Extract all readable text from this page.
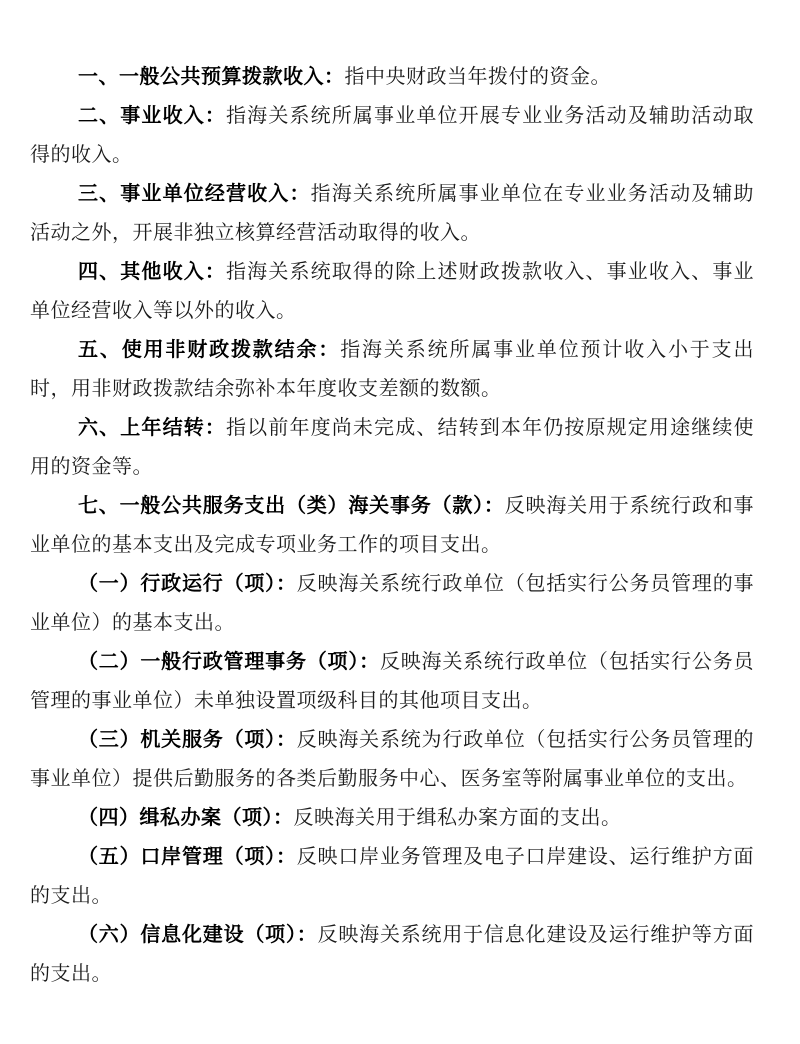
一、一般公共预算拨款收入：指中央财政当年拨付的资金。

二、事业收入：指海关系统所属事业单位开展专业业务活动及辅助活动取得的收入。

三、事业单位经营收入：指海关系统所属事业单位在专业业务活动及辅助活动之外，开展非独立核算经营活动取得的收入。

四、其他收入：指海关系统取得的除上述财政拨款收入、事业收入、事业单位经营收入等以外的收入。

五、使用非财政拨款结余：指海关系统所属事业单位预计收入小于支出时，用非财政拨款结余弥补本年度收支差额的数额。

六、上年结转：指以前年度尚未完成、结转到本年仍按原规定用途继续使用的资金等。

七、一般公共服务支出（类）海关事务（款）：反映海关用于系统行政和事业单位的基本支出及完成专项业务工作的项目支出。

（一）行政运行（项）：反映海关系统行政单位（包括实行公务员管理的事业单位）的基本支出。

（二）一般行政管理事务（项）：反映海关系统行政单位（包括实行公务员管理的事业单位）未单独设置项级科目的其他项目支出。

（三）机关服务（项）：反映海关系统为行政单位（包括实行公务员管理的事业单位）提供后勤服务的各类后勤服务中心、医务室等附属事业单位的支出。

（四）缉私办案（项）：反映海关用于缉私办案方面的支出。

（五）口岸管理（项）：反映口岸业务管理及电子口岸建设、运行维护方面的支出。

（六）信息化建设（项）：反映海关系统用于信息化建设及运行维护等方面的支出。
